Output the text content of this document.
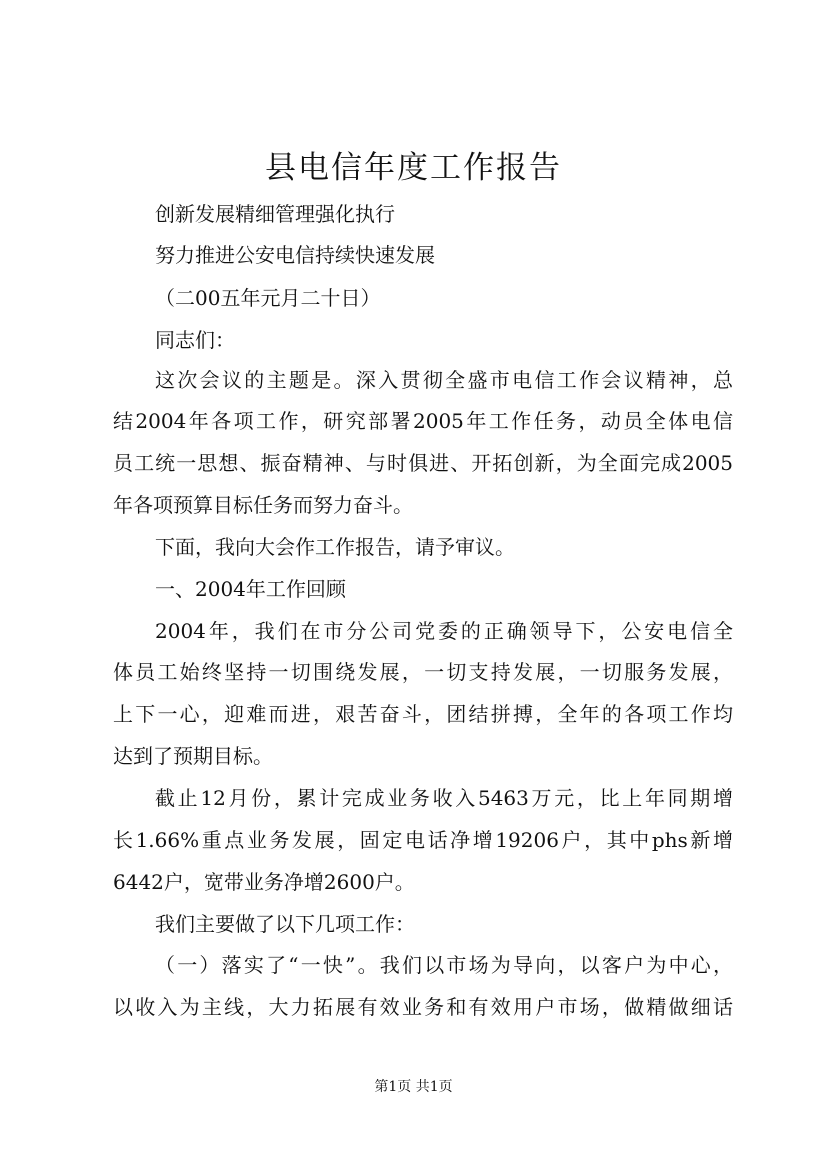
县电信年度工作报告
创新发展精细管理强化执行
努力推进公安电信持续快速发展
（二00五年元月二十日）
同志们：
这次会议的主题是。深入贯彻全盛市电信工作会议精神，总
结2004年各项工作，研究部署2005年工作任务，动员全体电信
员工统一思想、振奋精神、与时俱进、开拓创新，为全面完成2005
年各项预算目标任务而努力奋斗。
下面，我向大会作工作报告，请予审议。
一、2004年工作回顾
2004年，我们在市分公司党委的正确领导下，公安电信全
体员工始终坚持一切围绕发展，一切支持发展，一切服务发展，
上下一心，迎难而进，艰苦奋斗，团结拼搏，全年的各项工作均
达到了预期目标。
截止12月份，累计完成业务收入5463万元，比上年同期增
长1.66%重点业务发展，固定电话净增19206户，其中phs新增
6442户，宽带业务净增2600户。
我们主要做了以下几项工作：
（一）落实了“一快”。我们以市场为导向，以客户为中心，
以收入为主线，大力拓展有效业务和有效用户市场，做精做细话
第1页 共1页
